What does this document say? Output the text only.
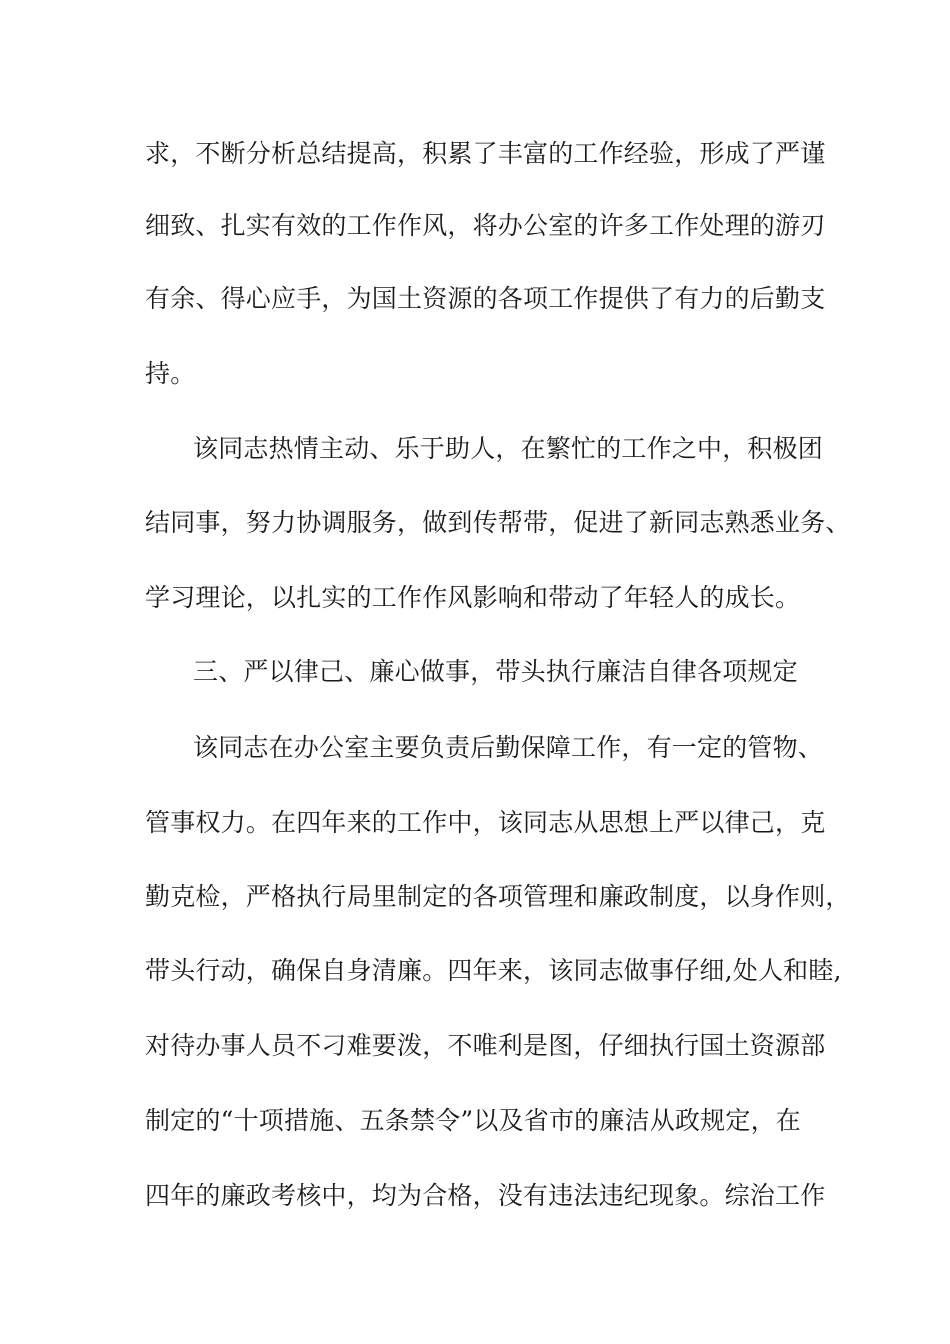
求，不断分析总结提高，积累了丰富的工作经验，形成了严谨
细致、扎实有效的工作作风，将办公室的许多工作处理的游刃
有余、得心应手，为国土资源的各项工作提供了有力的后勤支
持。
该同志热情主动、乐于助人，在繁忙的工作之中，积极团
结同事，努力协调服务，做到传帮带，促进了新同志熟悉业务、
学习理论，以扎实的工作作风影响和带动了年轻人的成长。
三、严以律己、廉心做事，带头执行廉洁自律各项规定
该同志在办公室主要负责后勤保障工作，有一定的管物、
管事权力。在四年来的工作中，该同志从思想上严以律己，克
勤克检，严格执行局里制定的各项管理和廉政制度，以身作则，
带头行动，确保自身清廉。四年来，该同志做事仔细,处人和睦,
对待办事人员不刁难要泼，不唯利是图，仔细执行国土资源部
制定的“十项措施、五条禁令”以及省市的廉洁从政规定，在
四年的廉政考核中，均为合格，没有违法违纪现象。综治工作
